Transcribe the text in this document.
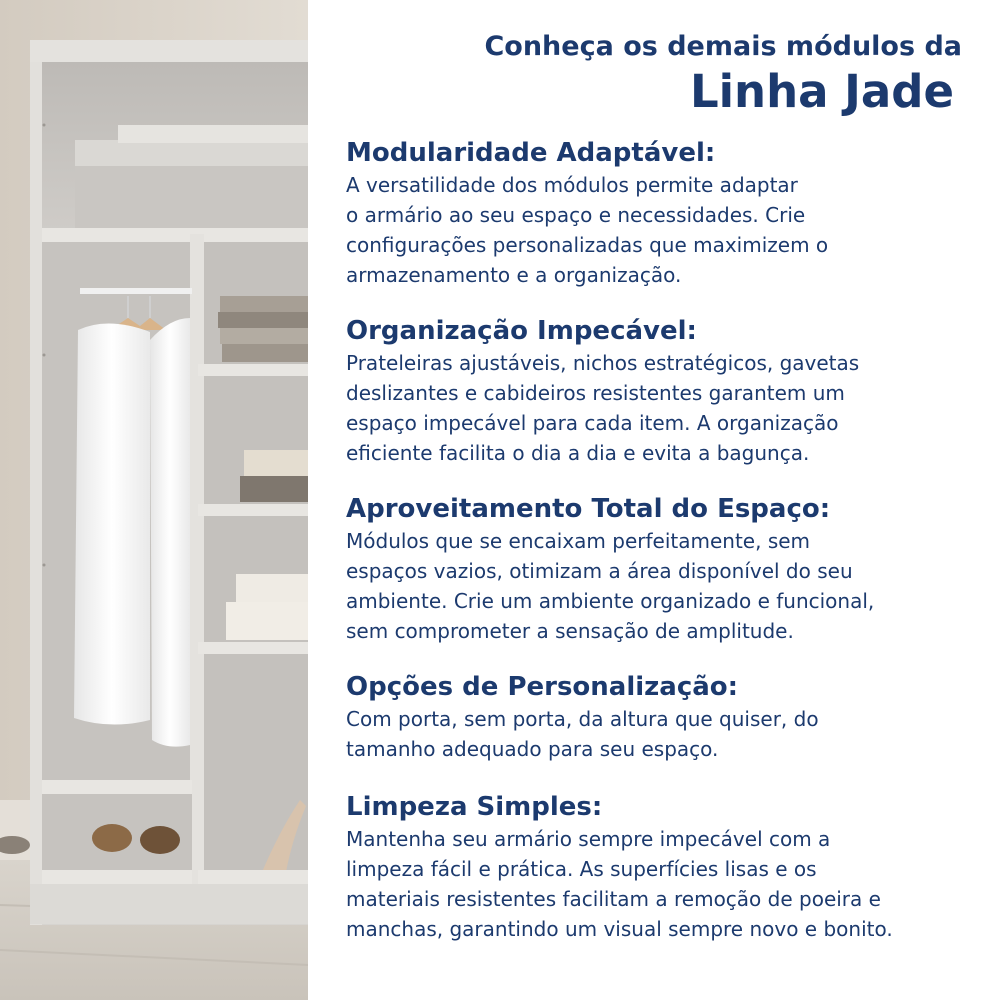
Conheça os demais módulos da
Linha Jade
Modularidade Adaptável:

A versatilidade dos módulos permite adaptar
o armário ao seu espaço e necessidades. Crie
configurações personalizadas que maximizem o
armazenamento e a organização.

Organização Impecável:

Prateleiras ajustáveis, nichos estratégicos, gavetas
deslizantes e cabideiros resistentes garantem um
espaço impecável para cada item. A organização
eficiente facilita o dia a dia e evita a bagunça.

Aproveitamento Total do Espaço:

Módulos que se encaixam perfeitamente, sem
espaços vazios, otimizam a área disponível do seu
ambiente. Crie um ambiente organizado e funcional,
sem comprometer a sensação de amplitude.

Opções de Personalização:

Com porta, sem porta, da altura que quiser, do
tamanho adequado para seu espaço.

Limpeza Simples:

Mantenha seu armário sempre impecável com a
limpeza fácil e prática. As superfícies lisas e os
materiais resistentes facilitam a remoção de poeira e
manchas, garantindo um visual sempre novo e bonito.
